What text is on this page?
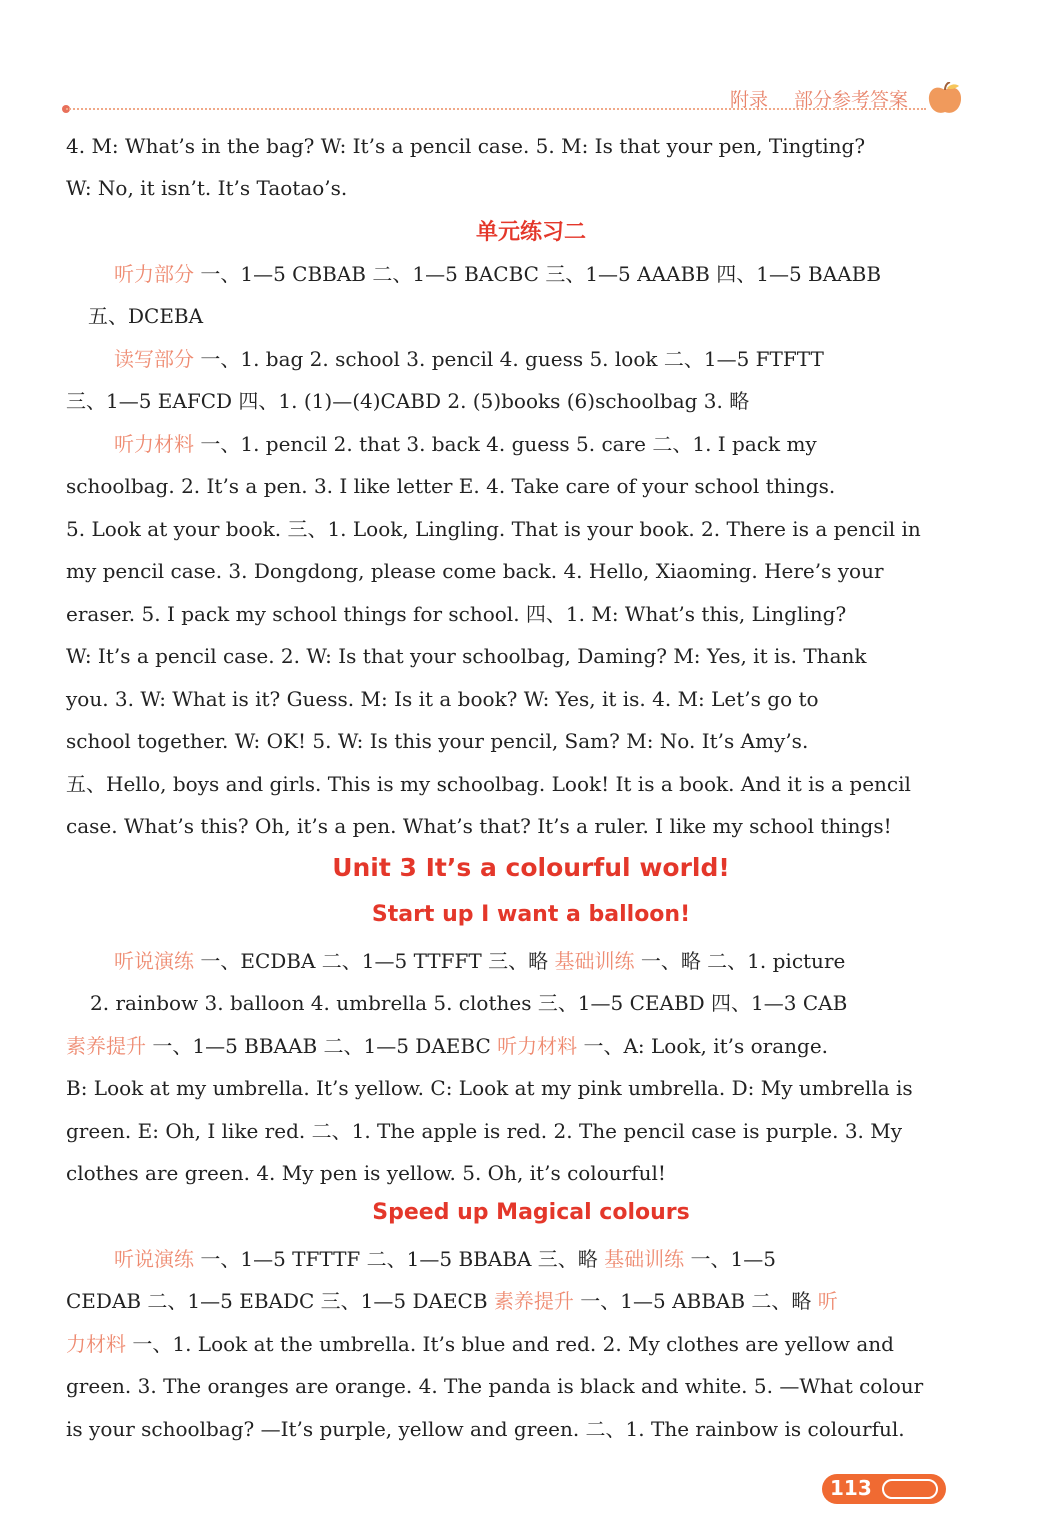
附录 部分参考答案
单元练习二
Unit 3 It’s a colourful world!
Start up I want a balloon!
Speed up Magical colours
4. M: What’s in the bag? W: It’s a pencil case. 5. M: Is that your pen, Tingting?
W: No, it isn’t. It’s Taotao’s.
听力部分 一、1—5 CBBAB 二、1—5 BACBC 三、1—5 AAABB 四、1—5 BAABB
五、DCEBA
读写部分 一、1. bag 2. school 3. pencil 4. guess 5. look 二、1—5 FTFTT
三、1—5 EAFCD 四、1. (1)—(4)CABD 2. (5)books (6)schoolbag 3. 略
听力材料 一、1. pencil 2. that 3. back 4. guess 5. care 二、1. I pack my
schoolbag. 2. It’s a pen. 3. I like letter E. 4. Take care of your school things.
5. Look at your book. 三、1. Look, Lingling. That is your book. 2. There is a pencil in
my pencil case. 3. Dongdong, please come back. 4. Hello, Xiaoming. Here’s your
eraser. 5. I pack my school things for school. 四、1. M: What’s this, Lingling?
W: It’s a pencil case. 2. W: Is that your schoolbag, Daming? M: Yes, it is. Thank
you. 3. W: What is it? Guess. M: Is it a book? W: Yes, it is. 4. M: Let’s go to
school together. W: OK! 5. W: Is this your pencil, Sam? M: No. It’s Amy’s.
五、Hello, boys and girls. This is my schoolbag. Look! It is a book. And it is a pencil
case. What’s this? Oh, it’s a pen. What’s that? It’s a ruler. I like my school things!
听说演练 一、ECDBA 二、1—5 TTFFT 三、略 基础训练 一、略 二、1. picture
2. rainbow 3. balloon 4. umbrella 5. clothes 三、1—5 CEABD 四、1—3 CAB
素养提升 一、1—5 BBAAB 二、1—5 DAEBC 听力材料 一、A: Look, it’s orange.
B: Look at my umbrella. It’s yellow. C: Look at my pink umbrella. D: My umbrella is
green. E: Oh, I like red. 二、1. The apple is red. 2. The pencil case is purple. 3. My
clothes are green. 4. My pen is yellow. 5. Oh, it’s colourful!
听说演练 一、1—5 TFTTF 二、1—5 BBABA 三、略 基础训练 一、1—5
CEDAB 二、1—5 EBADC 三、1—5 DAECB 素养提升 一、1—5 ABBAB 二、略 听
力材料 一、1. Look at the umbrella. It’s blue and red. 2. My clothes are yellow and
green. 3. The oranges are orange. 4. The panda is black and white. 5. —What colour
is your schoolbag? —It’s purple, yellow and green. 二、1. The rainbow is colourful.
113
